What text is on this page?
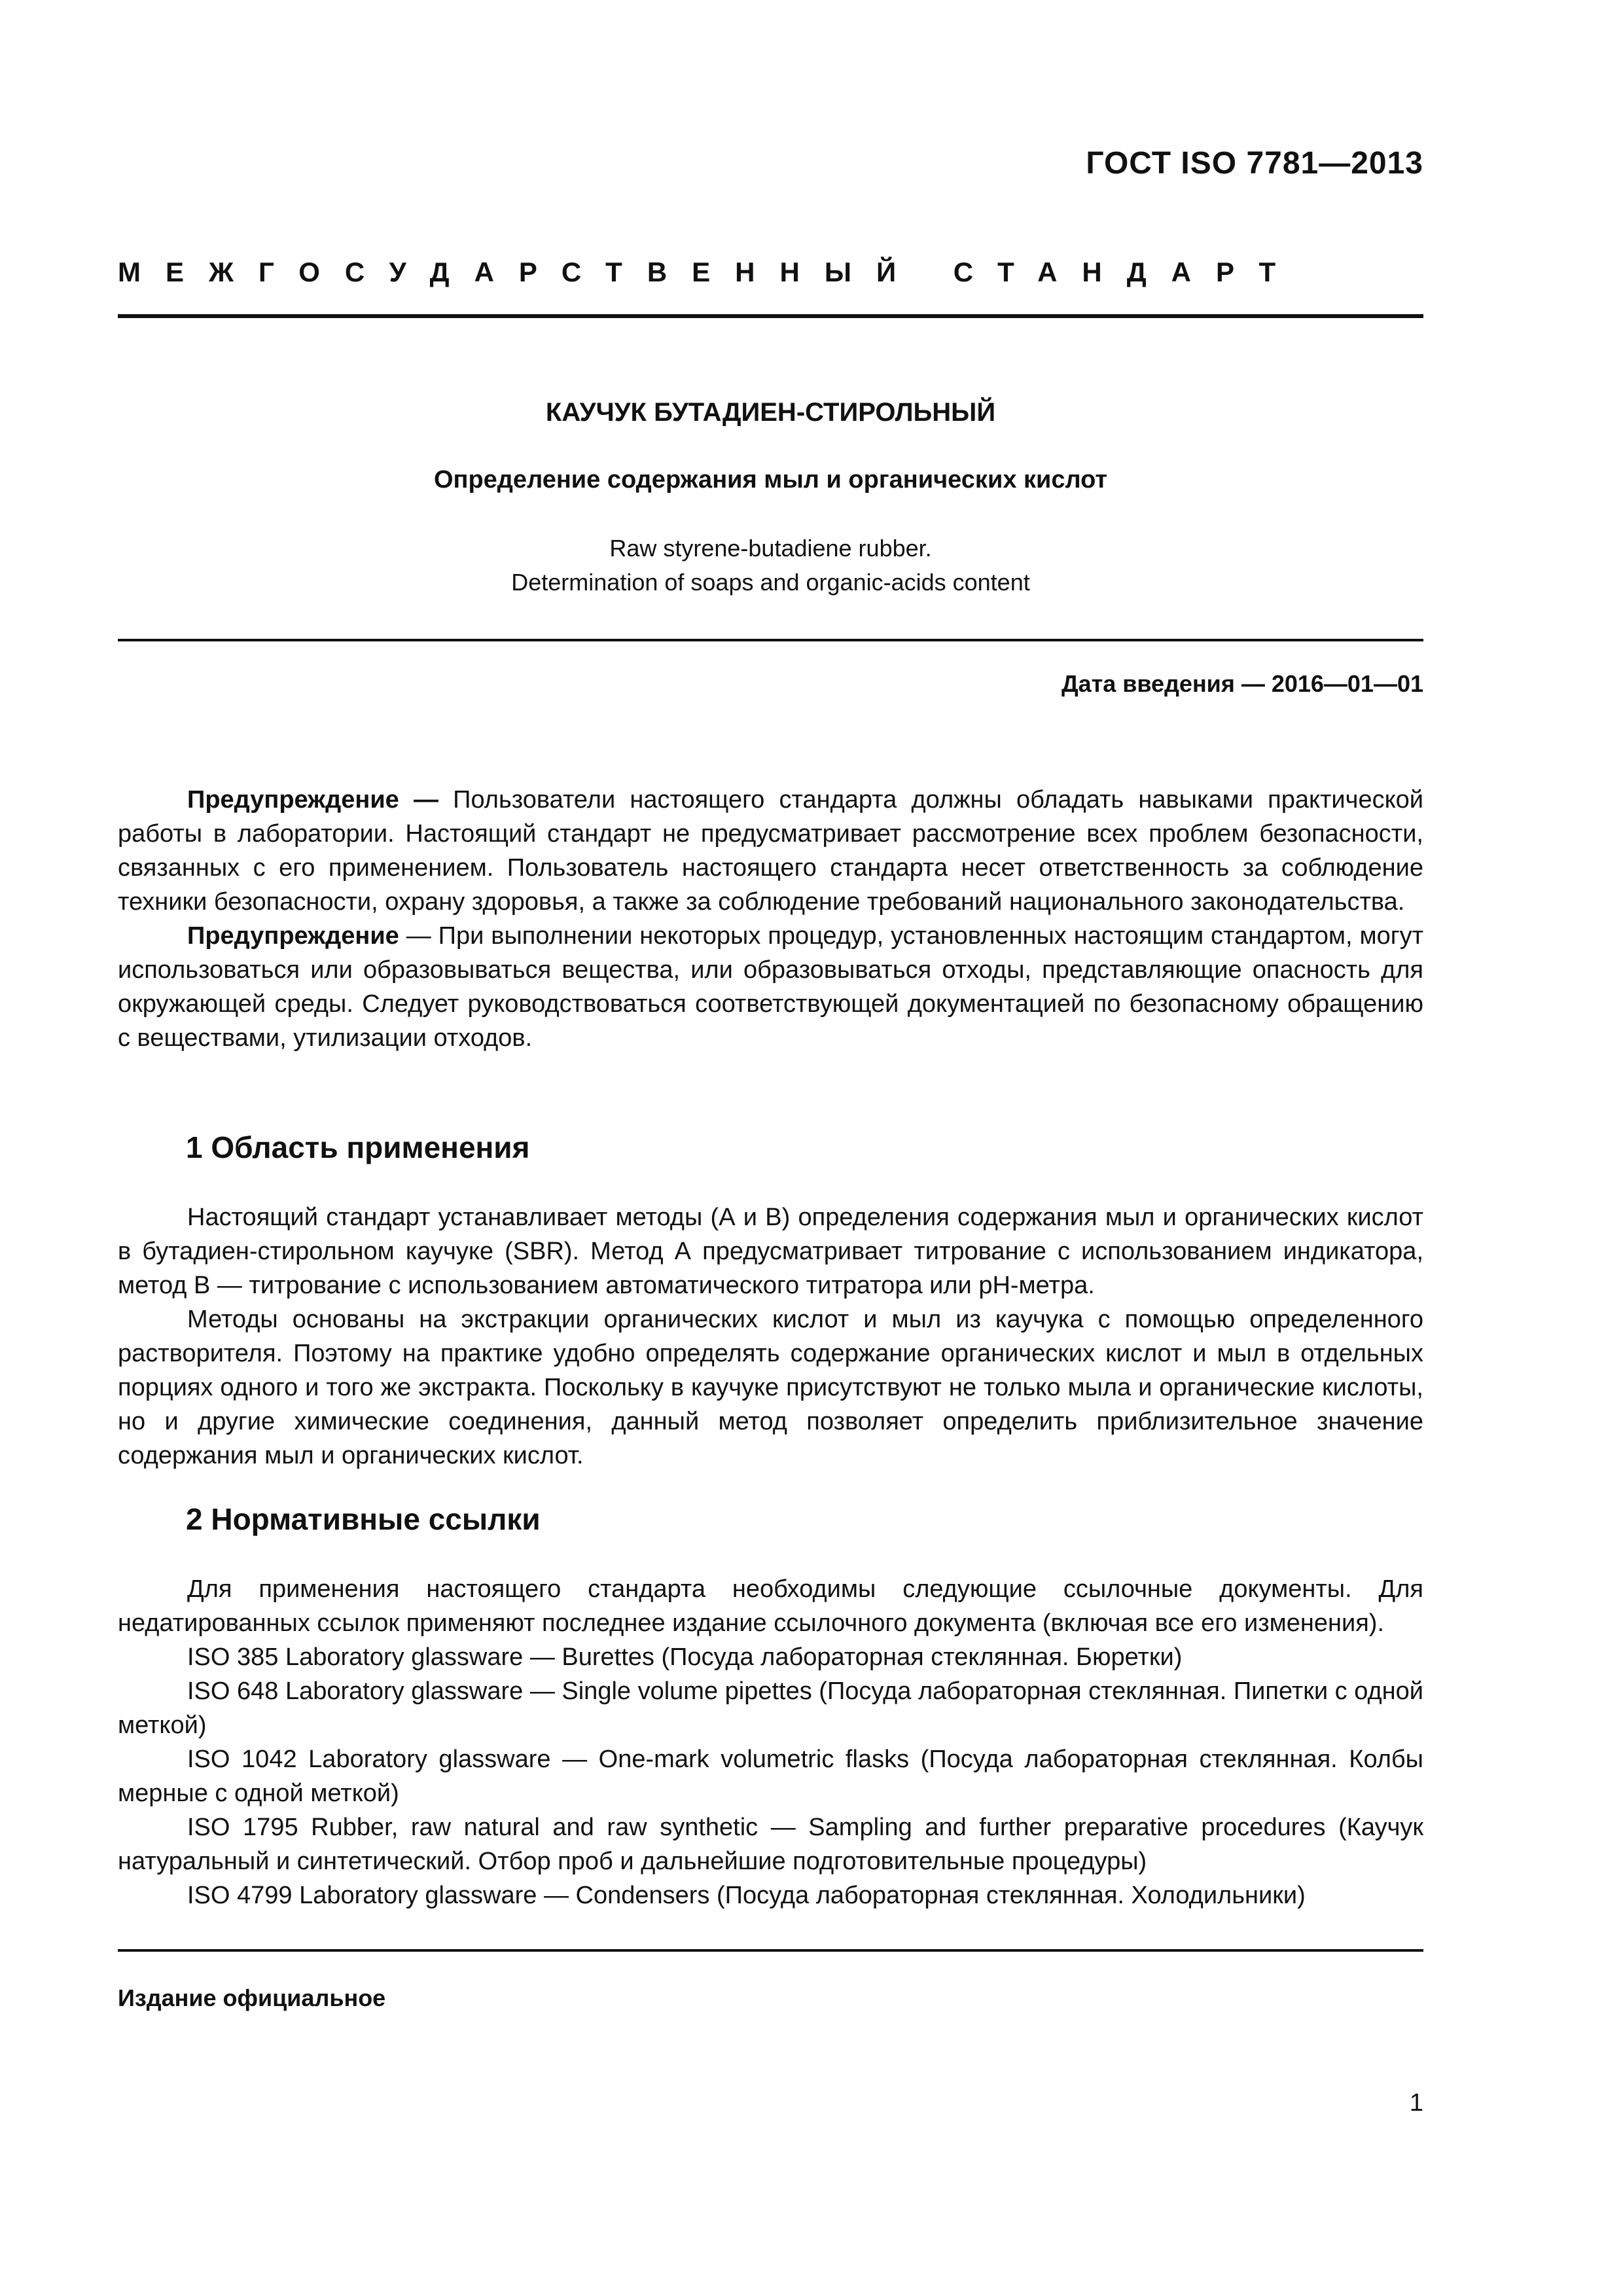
ГОСТ ISO 7781—2013
МЕЖГОСУДАРСТВЕННЫЙ СТАНДАРТ
КАУЧУК БУТАДИЕН-СТИРОЛЬНЫЙ
Определение содержания мыл и органических кислот
Raw styrene-butadiene rubber.
Determination of soaps and organic-acids content
Дата введения — 2016—01—01

Предупреждение — Пользователи настоящего стандарта должны обладать навыками практической работы в лаборатории. Настоящий стандарт не предусматривает рассмотрение всех проблем безопасности, связанных с его применением. Пользователь настоящего стандарта несет ответственность за соблюдение техники безопасности, охрану здоровья, а также за соблюдение требований национального законодательства.

Предупреждение — При выполнении некоторых процедур, установленных настоящим стандартом, могут использоваться или образовываться вещества, или образовываться отходы, представляющие опасность для окружающей среды. Следует руководствоваться соответствующей документацией по безопасному обращению с веществами, утилизации отходов.

1 Область применения

Настоящий стандарт устанавливает методы (А и В) определения содержания мыл и органических кислот в бутадиен-стирольном каучуке (SBR). Метод А предусматривает титрование с использованием индикатора, метод В — титрование с использованием автоматического титратора или pH-метра.

Методы основаны на экстракции органических кислот и мыл из каучука с помощью определенного растворителя. Поэтому на практике удобно определять содержание органических кислот и мыл в отдельных порциях одного и того же экстракта. Поскольку в каучуке присутствуют не только мыла и органические кислоты, но и другие химические соединения, данный метод позволяет определить приблизительное значение содержания мыл и органических кислот.

2 Нормативные ссылки

Для применения настоящего стандарта необходимы следующие ссылочные документы. Для недатированных ссылок применяют последнее издание ссылочного документа (включая все его изменения).

ISO 385 Laboratory glassware — Burettes (Посуда лабораторная стеклянная. Бюретки)

ISO 648 Laboratory glassware — Single volume pipettes (Посуда лабораторная стеклянная. Пипетки с одной меткой)

ISO 1042 Laboratory glassware — One-mark volumetric flasks (Посуда лабораторная стеклянная. Колбы мерные с одной меткой)

ISO 1795 Rubber, raw natural and raw synthetic — Sampling and further preparative procedures (Каучук натуральный и синтетический. Отбор проб и дальнейшие подготовительные процедуры)

ISO 4799 Laboratory glassware — Condensers (Посуда лабораторная стеклянная. Холодильники)

Издание официальное
1
